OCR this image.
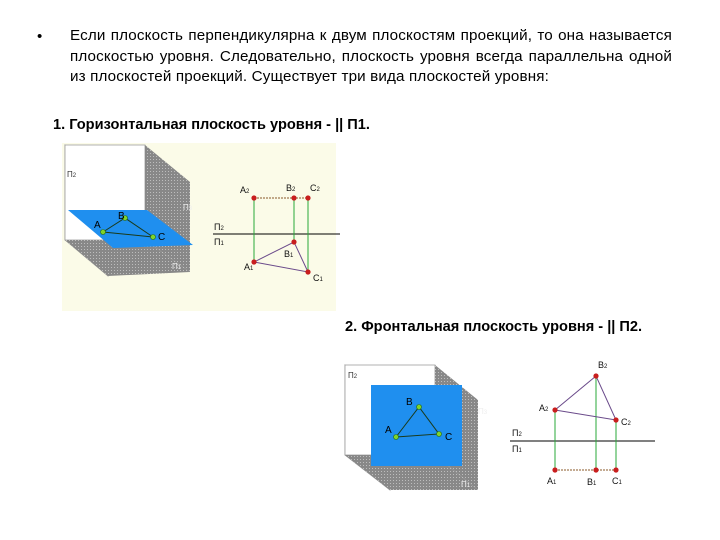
• Если плоскость перпендикулярна к двум плоскостям проекций, то она называется плоскостью уровня. Следовательно, плоскость уровня всегда параллельна одной из плоскостей проекций. Существует три вида плоскостей уровня:
1. Горизонтальная плоскость уровня - || П1.
2. Фронтальная плоскость уровня - || П2.
A
B
C
П2
П3
П1
A2	B2 C2
A1
B1
C1
П2
П1
A
B
C
П2
П3
П1
A2
B2
C2
A1	B1 C1
П2
П1
